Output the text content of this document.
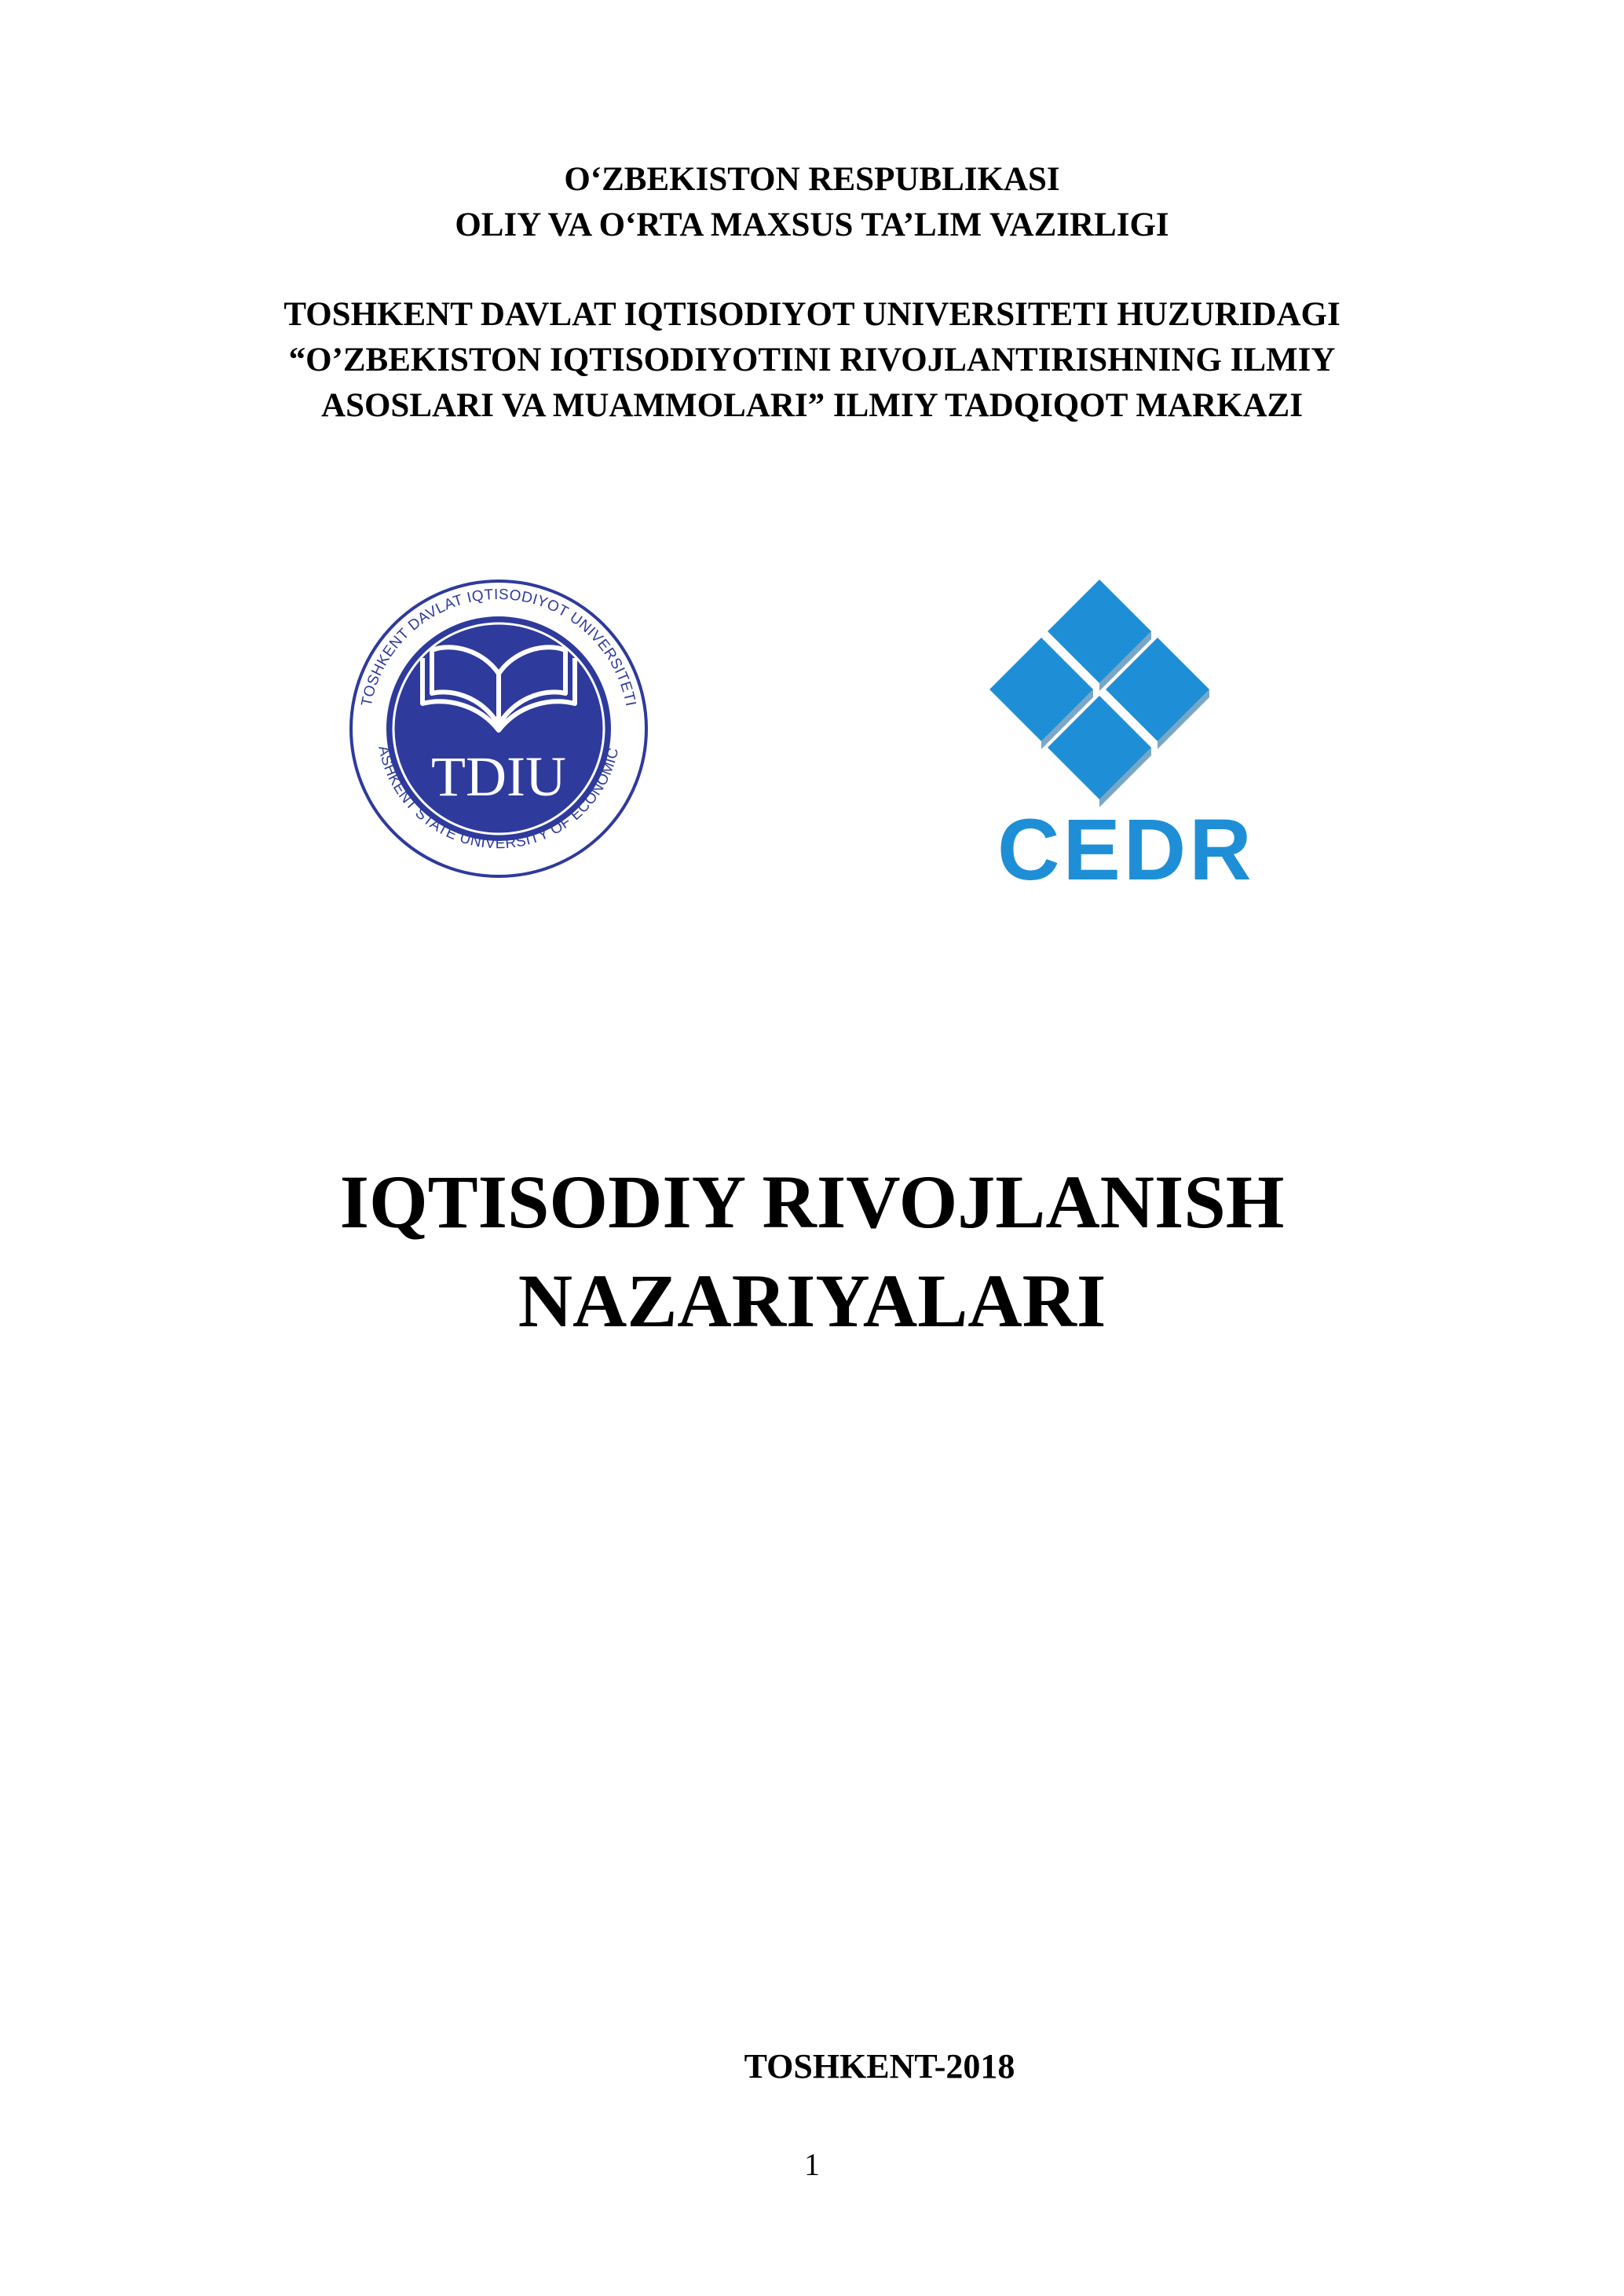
O‘ZBEKISTON RESPUBLIKASI
OLIY VA O‘RTA MAXSUS TA’LIM VAZIRLIGI
TOSHKENT DAVLAT IQTISODIYOT UNIVERSITETI HUZURIDAGI
“O’ZBEKISTON IQTISODIYOTINI RIVOJLANTIRISHNING ILMIY
ASOSLARI VA MUAMMOLARI” ILMIY TADQIQOT MARKAZI
TOSHKENT DAVLAT IQTISODIYOT UNIVERSITETI
ASHKENT STATE UNIVERSITY OF ECONOMIC
TDIU
CEDR
IQTISODIY RIVOJLANISH
NAZARIYALARI
TOSHKENT-2018
1
